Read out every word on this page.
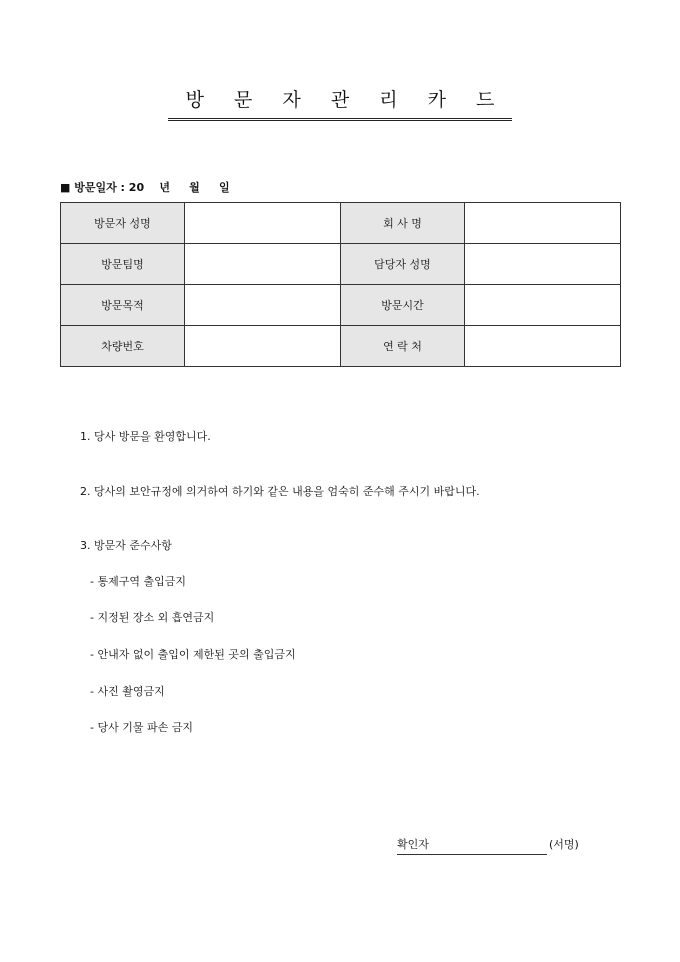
방 문 자 관 리 카 드
■ 방문일자 : 20    년     월     일
방문자 성명		회 사 명	
방문팀명		담당자 성명	
방문목적		방문시간	
차량번호		연 락 처	
1. 당사 방문을 환영합니다.
2. 당사의 보안규정에 의거하여 하기와 같은 내용을 엄숙히 준수해 주시기 바랍니다.
3. 방문자 준수사항
- 통제구역 출입금지
- 지정된 장소 외 흡연금지
- 안내자 없이 출입이 제한된 곳의 출입금지
- 사진 촬영금지
- 당사 기물 파손 금지
확인자	(서명)
